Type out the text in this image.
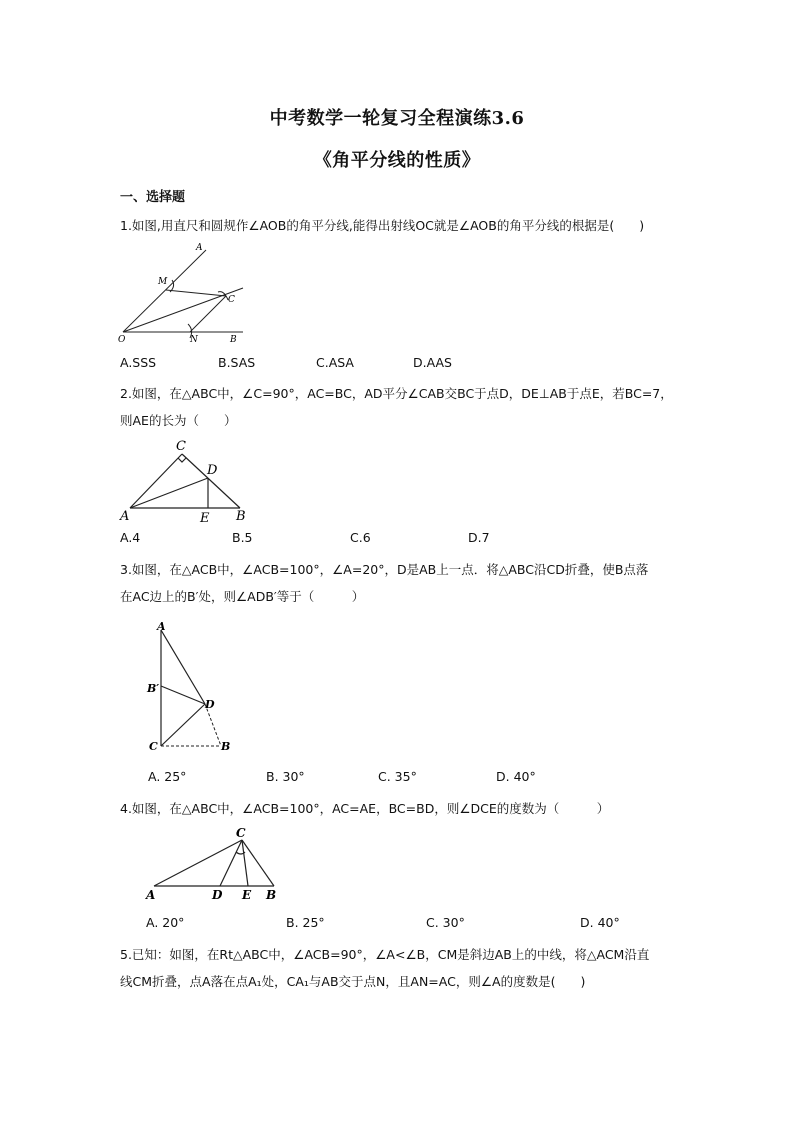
中考数学一轮复习全程演练3.6
《角平分线的性质》
一、选择题
1.如图,用直尺和圆规作∠AOB的角平分线,能得出射线OC就是∠AOB的角平分线的根据是(　　)
A
M
C
O	N	B
A.SSS	B.SAS	C.ASA	D.AAS
2.如图，在△ABC中，∠C=90°，AC=BC，AD平分∠CAB交BC于点D，DE⊥AB于点E，若BC=7，
则AE的长为（　　）
C
D
A	E B
A.4	B.5	C.6	D.7
3.如图，在△ACB中，∠ACB=100°，∠A=20°，D是AB上一点．将△ABC沿CD折叠，使B点落
在AC边上的B′处，则∠ADB′等于（　　　）
A
B′
D
C	B
A. 25°	B. 30°	C. 35°	D. 40°
4.如图，在△ABC中，∠ACB=100°，AC=AE，BC=BD，则∠DCE的度数为（　　　）
C
A	D E B
A. 20°	B. 25°	C. 30°	D. 40°
5.已知：如图，在Rt△ABC中，∠ACB=90°，∠A<∠B，CM是斜边AB上的中线，将△ACM沿直
线CM折叠，点A落在点A₁处，CA₁与AB交于点N，且AN=AC，则∠A的度数是(　　)
